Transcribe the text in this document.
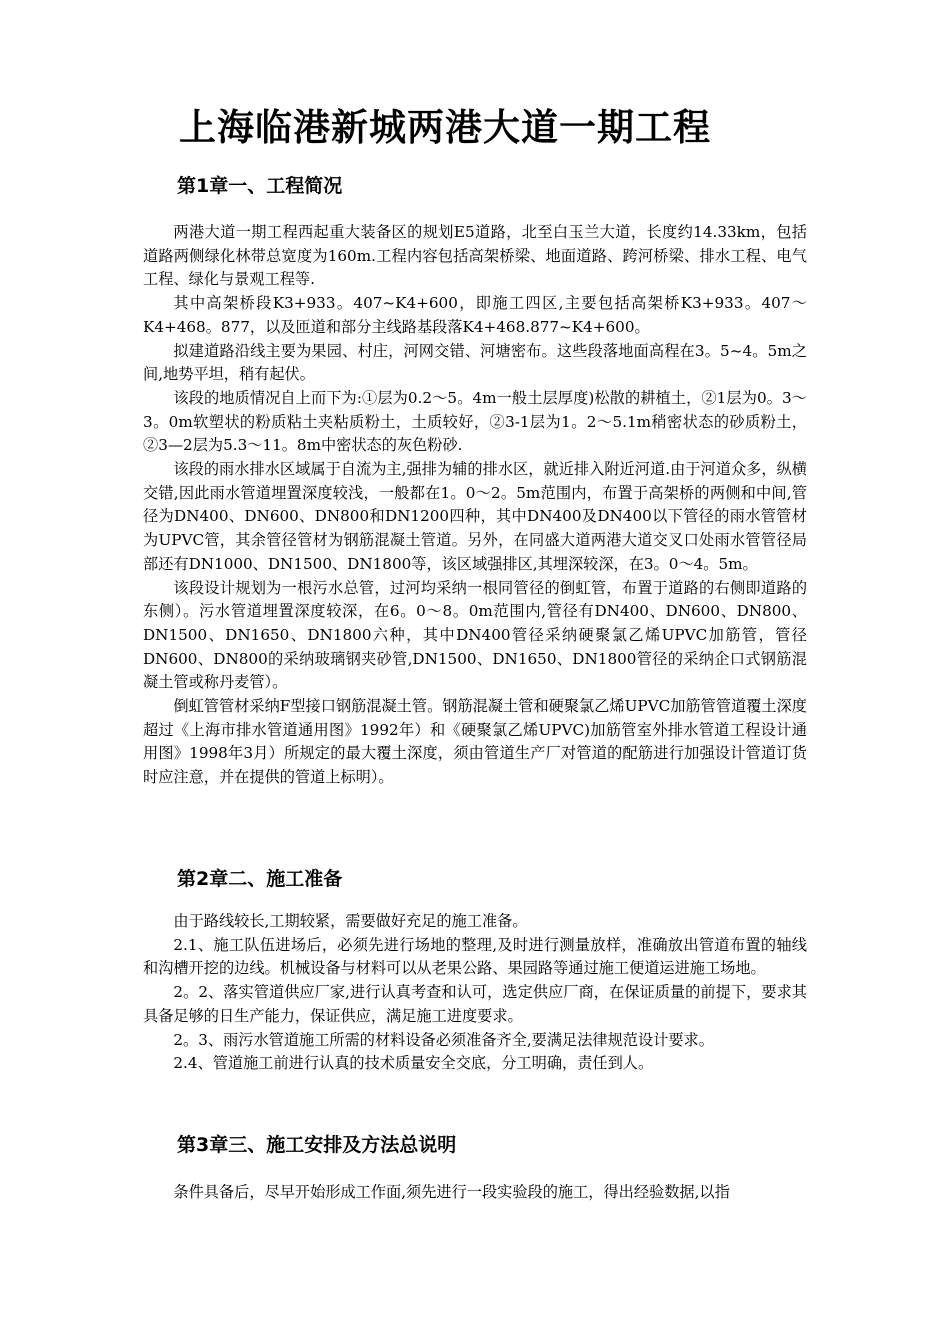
上海临港新城两港大道一期工程
第1章一、工程简况

两港大道一期工程西起重大装备区的规划E5道路，北至白玉兰大道，长度约14.33km，包括道路两侧绿化林带总宽度为160m.工程内容包括高架桥梁、地面道路、跨河桥梁、排水工程、电气工程、绿化与景观工程等.

其中高架桥段K3+933。407~K4+600，即施工四区,主要包括高架桥K3+933。407～K4+468。877，以及匝道和部分主线路基段落K4+468.877~K4+600。

拟建道路沿线主要为果园、村庄，河网交错、河塘密布。这些段落地面高程在3。5~4。5m之间,地势平坦，稍有起伏。

该段的地质情况自上而下为:①层为0.2～5。4m一般土层厚度)松散的耕植土，②1层为0。3～3。0m软塑状的粉质粘土夹粘质粉土，土质较好，②3-1层为1。2～5.1m稍密状态的砂质粉土，②3—2层为5.3～11。8m中密状态的灰色粉砂.

该段的雨水排水区域属于自流为主,强排为辅的排水区，就近排入附近河道.由于河道众多，纵横交错,因此雨水管道埋置深度较浅，一般都在1。0～2。5m范围内，布置于高架桥的两侧和中间,管径为DN400、DN600、DN800和DN1200四种，其中DN400及DN400以下管径的雨水管管材为UPVC管，其余管径管材为钢筋混凝土管道。另外，在同盛大道两港大道交叉口处雨水管管径局部还有DN1000、DN1500、DN1800等，该区域强排区,其埋深较深，在3。0～4。5m。

该段设计规划为一根污水总管，过河均采纳一根同管径的倒虹管，布置于道路的右侧即道路的东侧）。污水管道埋置深度较深，在6。0～8。0m范围内,管径有DN400、DN600、DN800、DN1500、DN1650、DN1800六种，其中DN400管径采纳硬聚氯乙烯UPVC加筋管，管径DN600、DN800的采纳玻璃钢夹砂管,DN1500、DN1650、DN1800管径的采纳企口式钢筋混凝土管或称丹麦管）。

倒虹管管材采纳F型接口钢筋混凝土管。钢筋混凝土管和硬聚氯乙烯UPVC加筋管管道覆土深度超过《上海市排水管道通用图》1992年）和《硬聚氯乙烯UPVC)加筋管室外排水管道工程设计通用图》1998年3月）所规定的最大覆土深度，须由管道生产厂对管道的配筋进行加强设计管道订货时应注意，并在提供的管道上标明）。

第2章二、施工准备

由于路线较长,工期较紧，需要做好充足的施工准备。

2.1、施工队伍进场后，必须先进行场地的整理,及时进行测量放样，准确放出管道布置的轴线和沟槽开挖的边线。机械设备与材料可以从老果公路、果园路等通过施工便道运进施工场地。

2。2、落实管道供应厂家,进行认真考查和认可，选定供应厂商，在保证质量的前提下，要求其具备足够的日生产能力，保证供应，满足施工进度要求。

2。3、雨污水管道施工所需的材料设备必须准备齐全,要满足法律规范设计要求。

2.4、管道施工前进行认真的技术质量安全交底，分工明确，责任到人。

第3章三、施工安排及方法总说明

条件具备后，尽早开始形成工作面,须先进行一段实验段的施工，得出经验数据,以指
